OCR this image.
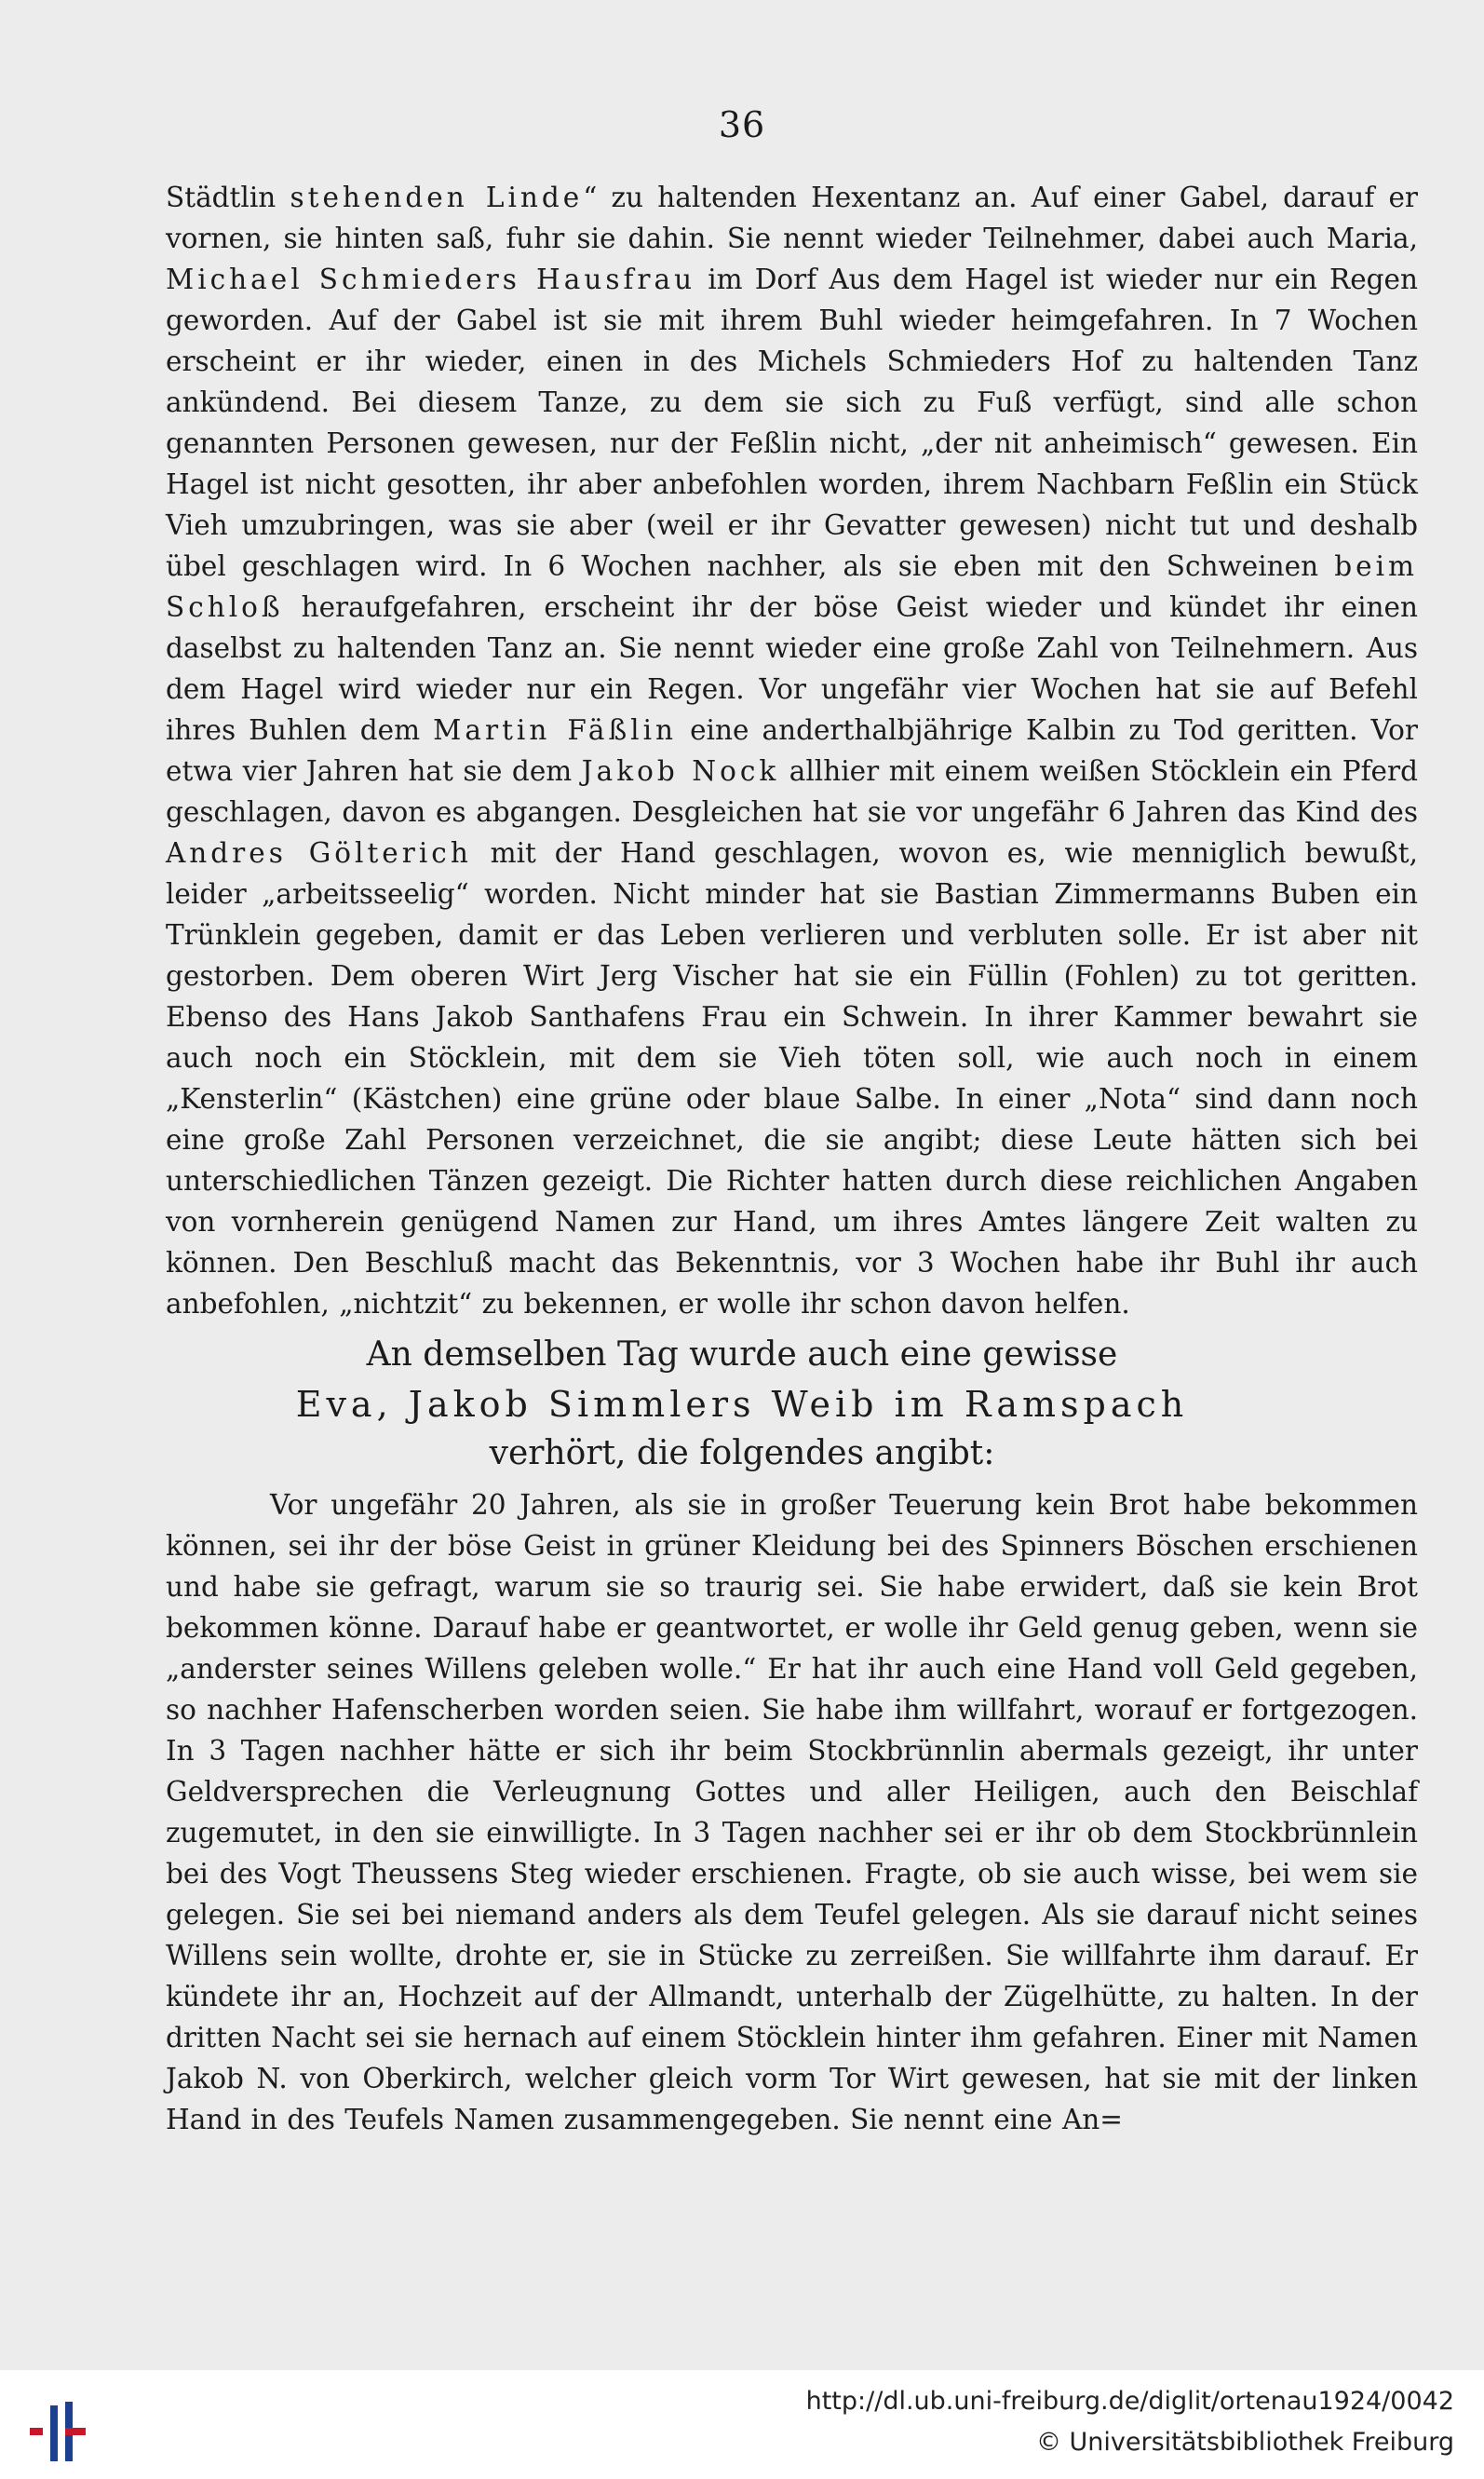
36
Städtlin stehenden Linde“ zu haltenden Hexentanz an. Auf einer Gabel, darauf er vornen, sie hinten saß, fuhr sie dahin. Sie nennt wieder Teilnehmer, dabei auch Maria, Michael Schmieders Hausfrau im Dorf Aus dem Hagel ist wieder nur ein Regen geworden. Auf der Gabel ist sie mit ihrem Buhl wieder heimgefahren. In 7 Wochen erscheint er ihr wieder, einen in des Michels Schmieders Hof zu haltenden Tanz ankündend. Bei diesem Tanze, zu dem sie sich zu Fuß verfügt, sind alle schon genannten Personen gewesen, nur der Feßlin nicht, „der nit anheimisch“ gewesen. Ein Hagel ist nicht gesotten, ihr aber anbefohlen worden, ihrem Nachbarn Feßlin ein Stück Vieh umzubringen, was sie aber (weil er ihr Gevatter gewesen) nicht tut und deshalb übel geschlagen wird. In 6 Wochen nachher, als sie eben mit den Schweinen beim Schloß heraufgefahren, erscheint ihr der böse Geist wieder und kündet ihr einen daselbst zu haltenden Tanz an. Sie nennt wieder eine große Zahl von Teilnehmern. Aus dem Hagel wird wieder nur ein Regen. Vor ungefähr vier Wochen hat sie auf Befehl ihres Buhlen dem Martin Fäßlin eine anderthalbjährige Kalbin zu Tod geritten. Vor etwa vier Jahren hat sie dem Jakob Nock allhier mit einem weißen Stöcklein ein Pferd geschlagen, davon es abgangen. Desgleichen hat sie vor ungefähr 6 Jahren das Kind des Andres Gölterich mit der Hand geschlagen, wovon es, wie menniglich bewußt, leider „arbeitsseelig“ worden. Nicht minder hat sie Bastian Zimmermanns Buben ein Trünklein gegeben, damit er das Leben verlieren und verbluten solle. Er ist aber nit gestorben. Dem oberen Wirt Jerg Vischer hat sie ein Füllin (Fohlen) zu tot geritten. Ebenso des Hans Jakob Santhafens Frau ein Schwein. In ihrer Kammer bewahrt sie auch noch ein Stöcklein, mit dem sie Vieh töten soll, wie auch noch in einem „Kensterlin“ (Kästchen) eine grüne oder blaue Salbe. In einer „Nota“ sind dann noch eine große Zahl Personen verzeichnet, die sie angibt; diese Leute hätten sich bei unterschiedlichen Tänzen gezeigt. Die Richter hatten durch diese reichlichen Angaben von vornherein genügend Namen zur Hand, um ihres Amtes längere Zeit walten zu können. Den Beschluß macht das Bekenntnis, vor 3 Wochen habe ihr Buhl ihr auch anbefohlen, „nichtzit“ zu bekennen, er wolle ihr schon davon helfen.
An demselben Tag wurde auch eine gewisse
Eva, Jakob Simmlers Weib im Ramspach
verhört, die folgendes angibt:
Vor ungefähr 20 Jahren, als sie in großer Teuerung kein Brot habe bekommen können, sei ihr der böse Geist in grüner Kleidung bei des Spinners Böschen erschienen und habe sie gefragt, warum sie so traurig sei. Sie habe erwidert, daß sie kein Brot bekommen könne. Darauf habe er geantwortet, er wolle ihr Geld genug geben, wenn sie „anderster seines Willens geleben wolle.“ Er hat ihr auch eine Hand voll Geld gegeben, so nachher Hafenscherben worden seien. Sie habe ihm willfahrt, worauf er fortgezogen. In 3 Tagen nachher hätte er sich ihr beim Stockbrünnlin abermals gezeigt, ihr unter Geldversprechen die Verleugnung Gottes und aller Heiligen, auch den Beischlaf zugemutet, in den sie einwilligte. In 3 Tagen nachher sei er ihr ob dem Stockbrünnlein bei des Vogt Theussens Steg wieder erschienen. Fragte, ob sie auch wisse, bei wem sie gelegen. Sie sei bei niemand anders als dem Teufel gelegen. Als sie darauf nicht seines Willens sein wollte, drohte er, sie in Stücke zu zerreißen. Sie willfahrte ihm darauf. Er kündete ihr an, Hochzeit auf der Allmandt, unterhalb der Zügelhütte, zu halten. In der dritten Nacht sei sie hernach auf einem Stöcklein hinter ihm gefahren. Einer mit Namen Jakob N. von Oberkirch, welcher gleich vorm Tor Wirt gewesen, hat sie mit der linken Hand in des Teufels Namen zusammengegeben. Sie nennt eine An=
http://dl.ub.uni-freiburg.de/diglit/ortenau1924/0042
© Universitätsbibliothek Freiburg
